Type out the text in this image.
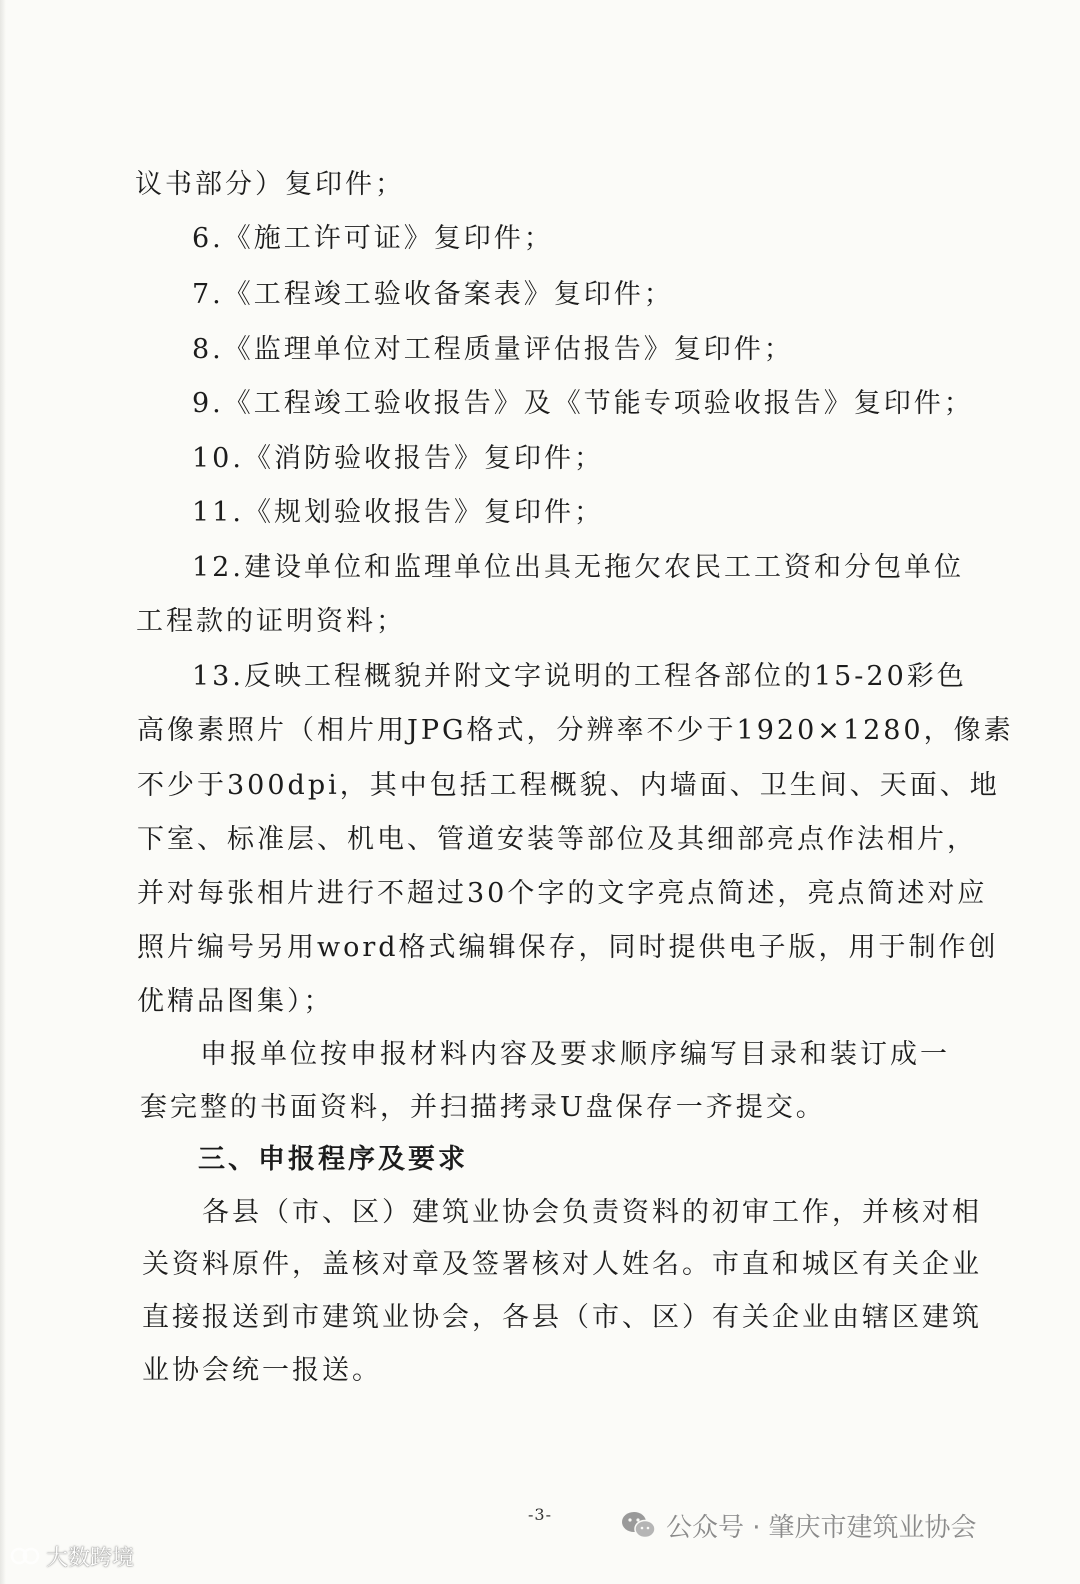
议书部分）复印件；
6.《施工许可证》复印件；
7.《工程竣工验收备案表》复印件；
8.《监理单位对工程质量评估报告》复印件；
9.《工程竣工验收报告》及《节能专项验收报告》复印件；
10.《消防验收报告》复印件；
11.《规划验收报告》复印件；
12.建设单位和监理单位出具无拖欠农民工工资和分包单位
工程款的证明资料；
13.反映工程概貌并附文字说明的工程各部位的15-20彩色
高像素照片（相片用JPG格式，分辨率不少于1920×1280，像素
不少于300dpi，其中包括工程概貌、内墙面、卫生间、天面、地
下室、标准层、机电、管道安装等部位及其细部亮点作法相片，
并对每张相片进行不超过30个字的文字亮点简述，亮点简述对应
照片编号另用word格式编辑保存，同时提供电子版，用于制作创
优精品图集）；
申报单位按申报材料内容及要求顺序编写目录和装订成一
套完整的书面资料，并扫描拷录U盘保存一齐提交。
三、申报程序及要求
各县（市、区）建筑业协会负责资料的初审工作，并核对相
关资料原件，盖核对章及签署核对人姓名。市直和城区有关企业
直接报送到市建筑业协会，各县（市、区）有关企业由辖区建筑
业协会统一报送。
-3-	公众号 · 肇庆市建筑业协会
大数跨境
